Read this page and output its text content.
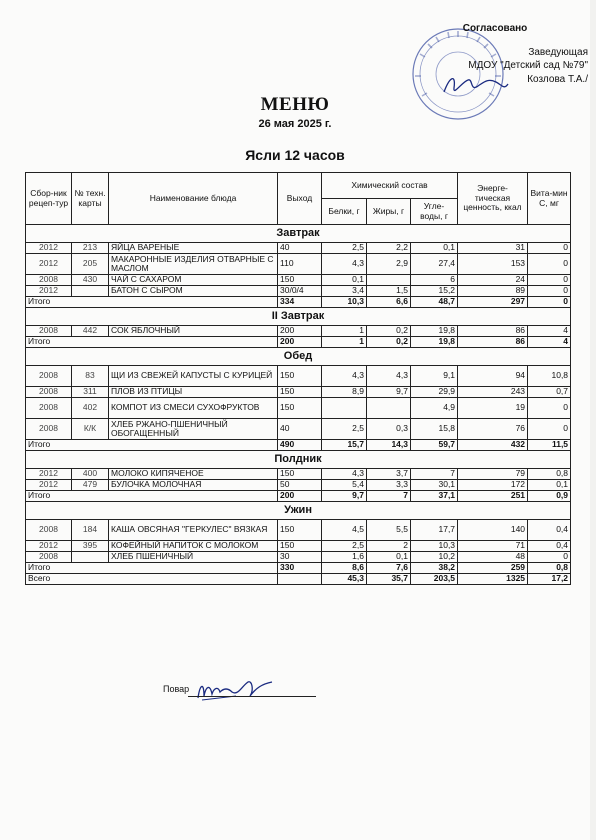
Согласовано
Заведующая
МДОУ "Детский сад №79"
Козлова Т.А./
МЕНЮ
26 мая 2025 г.
Ясли 12 часов
Сбор-ник рецеп-тур	№ техн. карты	Наименование блюда	Выход	Химический состав			Энерге-тическая ценность, ккал	Вита-мин С, мг
				Белки, г	Жиры, г	Угле-воды, г		
Завтрак								
2012	213	ЯЙЦА ВАРЕНЫЕ	40	2,5	2,2	0,1	31	0
2012	205	МАКАРОННЫЕ ИЗДЕЛИЯ ОТВАРНЫЕ С МАСЛОМ	110	4,3	2,9	27,4	153	0
2008	430	ЧАЙ С САХАРОМ	150	0,1		6	24	0
2012		БАТОН С СЫРОМ	30/0/4	3,4	1,5	15,2	89	0
Итого			334	10,3	6,6	48,7	297	0
II Завтрак								
2008	442	СОК ЯБЛОЧНЫЙ	200	1	0,2	19,8	86	4
Итого			200	1	0,2	19,8	86	4
Обед								
2008	83	ЩИ ИЗ СВЕЖЕЙ КАПУСТЫ С КУРИЦЕЙ	150	4,3	4,3	9,1	94	10,8
2008	311	ПЛОВ ИЗ ПТИЦЫ	150	8,9	9,7	29,9	243	0,7
2008	402	КОМПОТ ИЗ СМЕСИ СУХОФРУКТОВ	150			4,9	19	0
2008	К/К	ХЛЕБ РЖАНО-ПШЕНИЧНЫЙ ОБОГАЩЕННЫЙ	40	2,5	0,3	15,8	76	0
Итого			490	15,7	14,3	59,7	432	11,5
Полдник								
2012	400	МОЛОКО КИПЯЧЕНОЕ	150	4,3	3,7	7	79	0,8
2012	479	БУЛОЧКА МОЛОЧНАЯ	50	5,4	3,3	30,1	172	0,1
Итого			200	9,7	7	37,1	251	0,9
Ужин								
2008	184	КАША ОВСЯНАЯ "ГЕРКУЛЕС" ВЯЗКАЯ	150	4,5	5,5	17,7	140	0,4
2012	395	КОФЕЙНЫЙ НАПИТОК С МОЛОКОМ	150	2,5	2	10,3	71	0,4
2008		ХЛЕБ ПШЕНИЧНЫЙ	30	1,6	0,1	10,2	48	0
Итого			330	8,6	7,6	38,2	259	0,8
Всего				45,3	35,7	203,5	1325	17,2
Повар
